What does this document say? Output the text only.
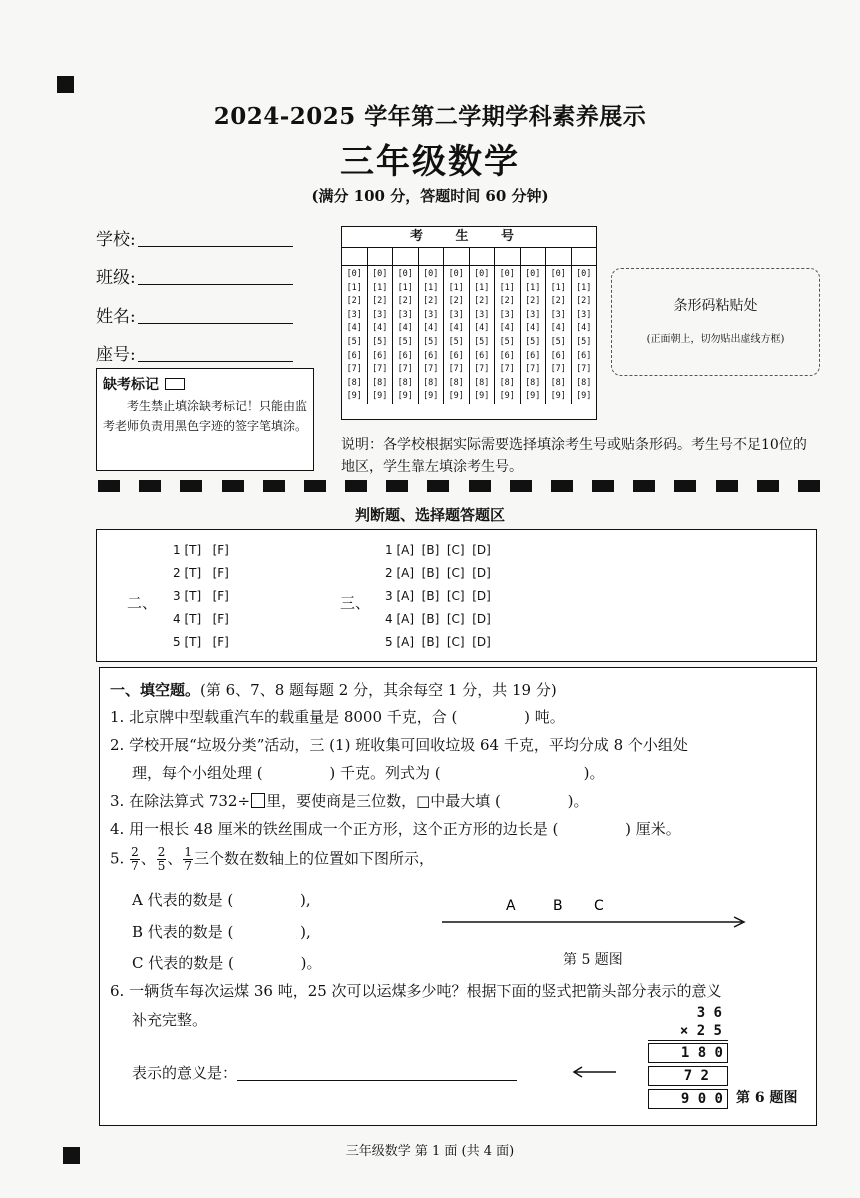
2024-2025 学年第二学期学科素养展示
三年级数学
(满分 100 分，答题时间 60 分钟)
学校:
班级:
姓名:
座号:
缺考标记
考生禁止填涂缺考标记！只能由监考老师负责用黑色字迹的签字笔填涂。
考 生 号
[0]
[1]
[2]
[3]
[4]
[5]
[6]
[7]
[8]
[9]
[0]
[1]
[2]
[3]
[4]
[5]
[6]
[7]
[8]
[9]
[0]
[1]
[2]
[3]
[4]
[5]
[6]
[7]
[8]
[9]
[0]
[1]
[2]
[3]
[4]
[5]
[6]
[7]
[8]
[9]
[0]
[1]
[2]
[3]
[4]
[5]
[6]
[7]
[8]
[9]
[0]
[1]
[2]
[3]
[4]
[5]
[6]
[7]
[8]
[9]
[0]
[1]
[2]
[3]
[4]
[5]
[6]
[7]
[8]
[9]
[0]
[1]
[2]
[3]
[4]
[5]
[6]
[7]
[8]
[9]
[0]
[1]
[2]
[3]
[4]
[5]
[6]
[7]
[8]
[9]
[0]
[1]
[2]
[3]
[4]
[5]
[6]
[7]
[8]
[9]
条形码粘贴处
(正面朝上，切勿贴出虚线方框)
说明：各学校根据实际需要选择填涂考生号或贴条形码。考生号不足10位的地区，学生靠左填涂考生号。
判断题、选择题答题区
二、
1 [T]   [F]
2 [T]   [F]
3 [T]   [F]
4 [T]   [F]
5 [T]   [F]
三、
1 [A]  [B]  [C]  [D]
2 [A]  [B]  [C]  [D]
3 [A]  [B]  [C]  [D]
4 [A]  [B]  [C]  [D]
5 [A]  [B]  [C]  [D]
一、填空题。(第 6、7、8 题每题 2 分，其余每空 1 分，共 19 分)
1. 北京牌中型载重汽车的载重量是 8000 千克，合 (              ) 吨。
2. 学校开展“垃圾分类”活动，三 (1) 班收集可回收垃圾 64 千克，平均分成 8 个小组处
理，每个小组处理 (              ) 千克。列式为 (                              )。
3. 在除法算式 732÷ 里，要使商是三位数，□中最大填 (              )。
4. 用一根长 48 厘米的铁丝围成一个正方形，这个正方形的边长是 (              ) 厘米。
5. $\frac{2}{7}$ 、 $\frac{2}{5}$ 、 $\frac{1}{7}$ 三个数在数轴上的位置如下图所示，
A 代表的数是 (              ),
B 代表的数是 (              ),
C 代表的数是 (              )。
A	B C
第 5 题图
6. 一辆货车每次运煤 36 吨，25 次可以运煤多少吨？根据下面的竖式把箭头部分表示的意义
补充完整。
表示的意义是：
3 6
× 2 5
1 8 0
7 2
9 0 0 第 6 题图
三年级数学 第 1 面 (共 4 面)
